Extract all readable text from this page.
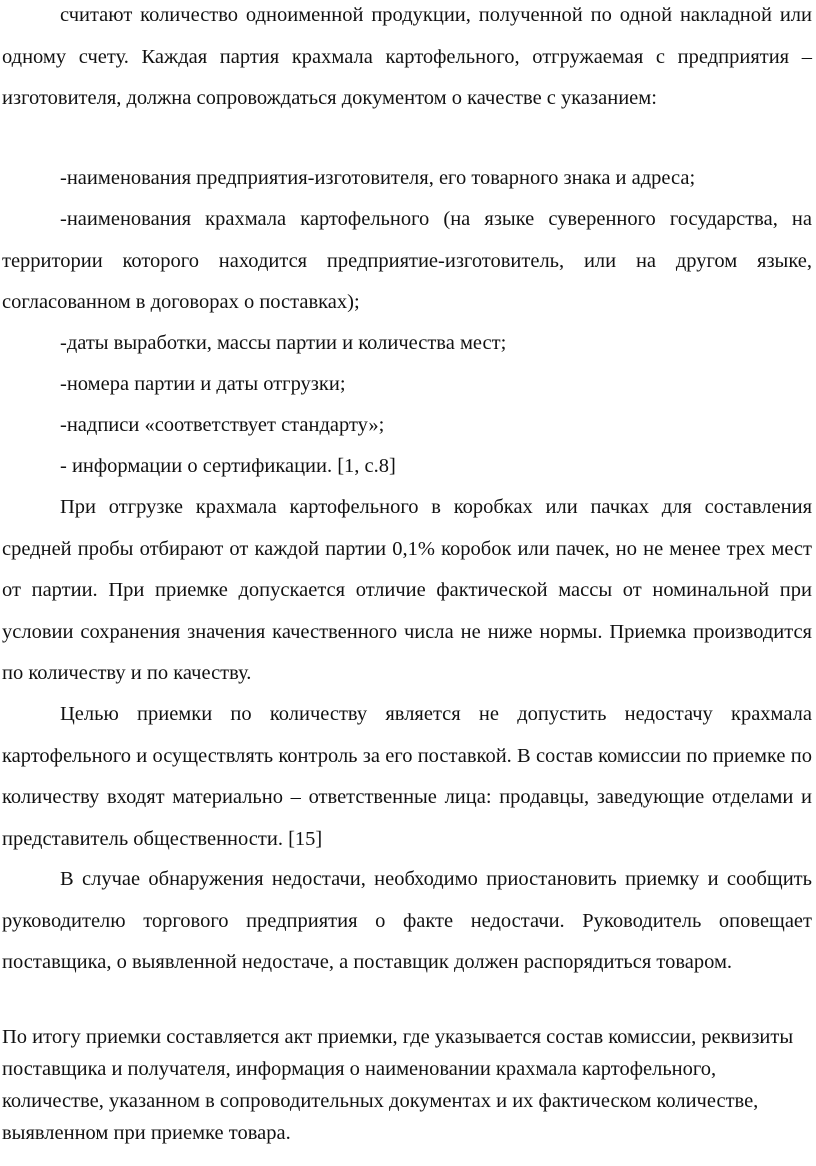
считают количество одноименной продукции, полученной по одной накладной или одному счету. Каждая партия крахмала картофельного, отгружаемая с предприятия – изготовителя, должна сопровождаться документом о качестве с указанием:

-наименования предприятия-изготовителя, его товарного знака и адреса;

-наименования крахмала картофельного (на языке суверенного государства, на территории которого находится предприятие-изготовитель, или на другом языке, согласованном в договорах о поставках);

-даты выработки, массы партии и количества мест;

-номера партии и даты отгрузки;

-надписи «соответствует стандарту»;

- информации о сертификации. [1, с.8]

При отгрузке крахмала картофельного в коробках или пачках для составления средней пробы отбирают от каждой партии 0,1% коробок или пачек, но не менее трех мест от партии. При приемке допускается отличие фактической массы от номинальной при условии сохранения значения качественного числа не ниже нормы. Приемка производится по количеству и по качеству.

Целью приемки по количеству является не допустить недостачу крахмала картофельного и осуществлять контроль за его поставкой. В состав комиссии по приемке по количеству входят материально – ответственные лица: продавцы, заведующие отделами и представитель общественности. [15]

В случае обнаружения недостачи, необходимо приостановить приемку и сообщить руководителю торгового предприятия о факте недостачи. Руководитель оповещает поставщика, о выявленной недостаче, а поставщик должен распорядиться товаром.

По итогу приемки составляется акт приемки, где указывается состав комиссии, реквизиты поставщика и получателя, информация о наименовании крахмала картофельного, количестве, указанном в сопроводительных документах и их фактическом количестве, выявленном при приемке товара.
